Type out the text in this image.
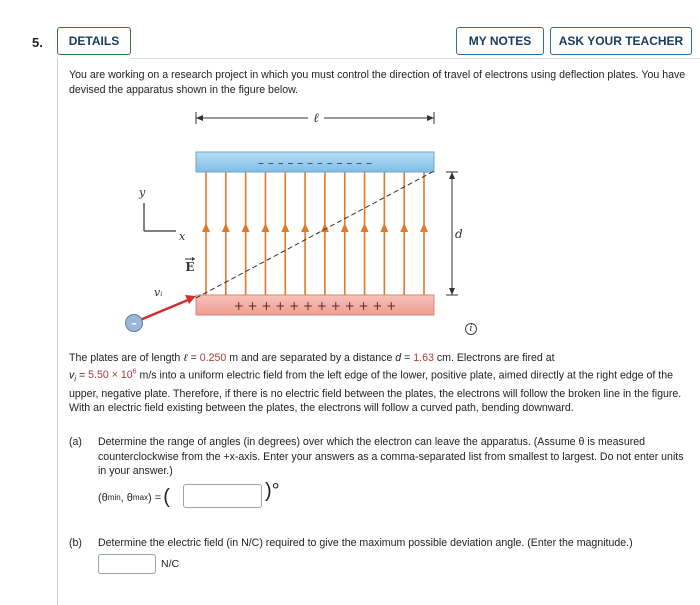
5.	DETAILS	MY NOTES	ASK YOUR TEACHER
You are working on a research project in which you must control the direction of travel of electrons using deflection plates. You have devised the apparatus shown in the figure below.
ℓ
– – – – – – – – – – – –
+ + + + + + + + + + + +
d
y
x
E
vᵢ
–	i
The plates are of length ℓ = 0.250 m and are separated by a distance d = 1.63 cm. Electrons are fired at
$v_i = 5.50 \times 10^6$ m/s into a uniform electric field from the left edge of the lower, positive plate, aimed directly at the right edge of the upper, negative plate. Therefore, if there is no electric field between the plates, the electrons will follow the broken line in the figure. With an electric field existing between the plates, the electrons will follow a curved path, bending downward.
(a) Determine the range of angles (in degrees) over which the electron can leave the apparatus. (Assume θ is measured counterclockwise from the +x-axis. Enter your answers as a comma-separated list from smallest to largest. Do not enter units in your answer.)
(θ min , θ max ) = (	)°
(b) Determine the electric field (in N/C) required to give the maximum possible deviation angle. (Enter the magnitude.)
N/C
